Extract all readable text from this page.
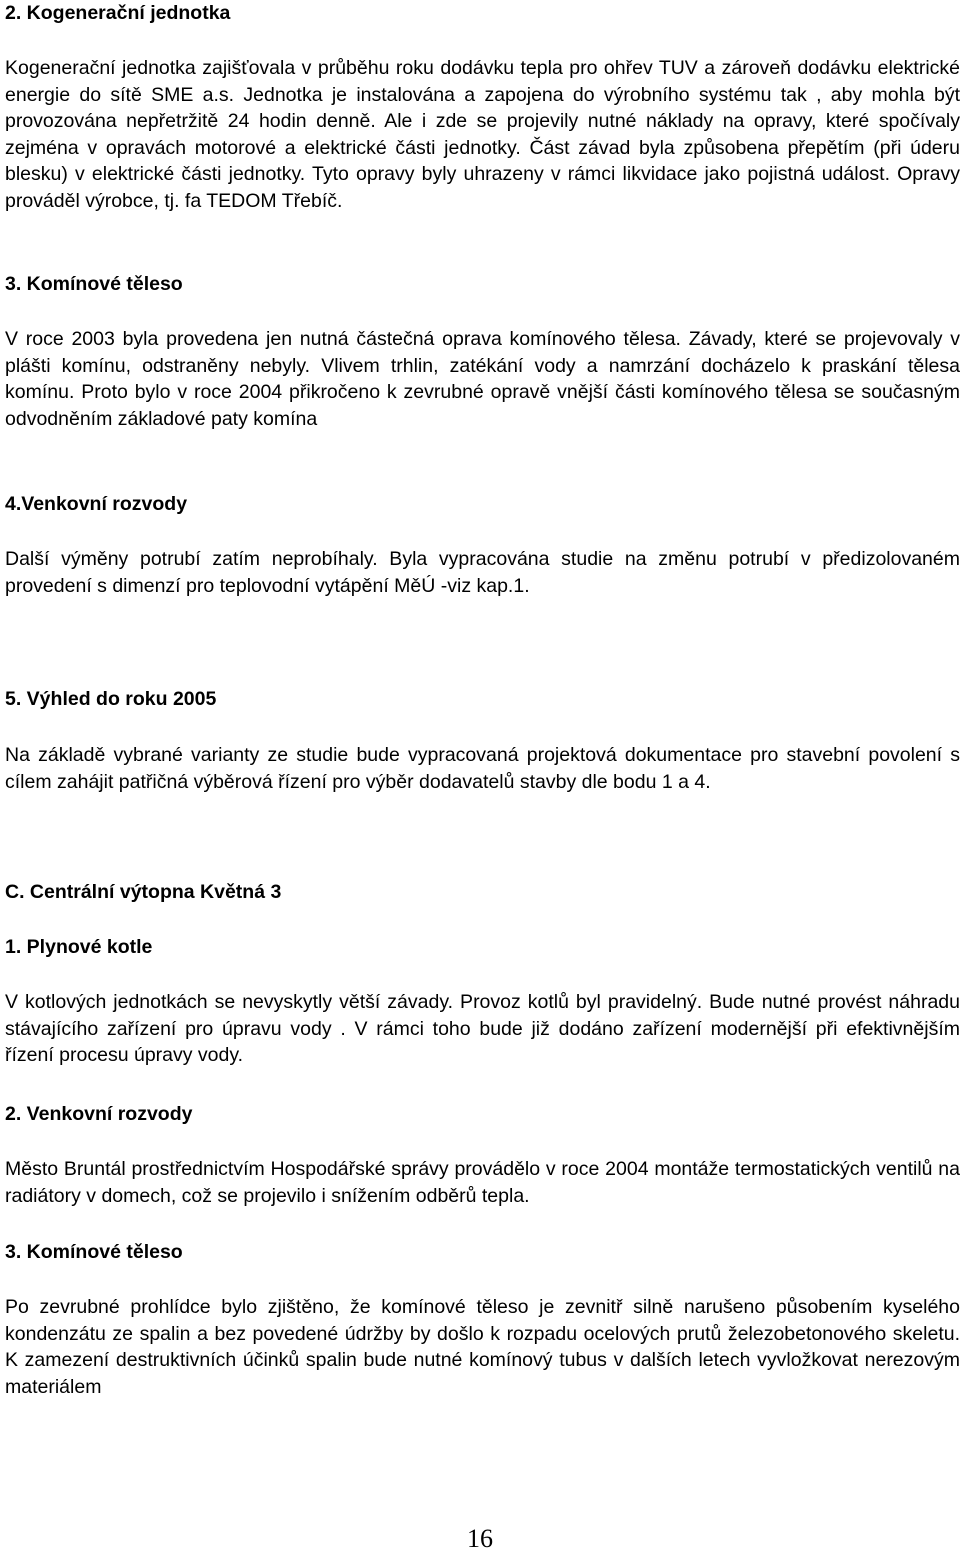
2. Kogenerační jednotka

Kogenerační jednotka zajišťovala v průběhu roku dodávku tepla pro ohřev TUV a zároveň dodávku elektrické energie do sítě SME a.s. Jednotka je instalována a zapojena do výrobního systému tak , aby mohla být provozována nepřetržitě 24 hodin denně. Ale i zde se projevily nutné náklady na opravy, které spočívaly zejména v opravách motorové a elektrické části jednotky. Část závad byla způsobena přepětím (při úderu blesku) v elektrické části jednotky. Tyto opravy byly uhrazeny v rámci likvidace jako pojistná událost. Opravy prováděl výrobce, tj. fa TEDOM Třebíč.

3. Komínové těleso

V roce 2003 byla provedena jen nutná částečná oprava komínového tělesa. Závady, které se projevovaly v plášti komínu, odstraněny nebyly. Vlivem trhlin, zatékání vody a namrzání docházelo k praskání tělesa komínu. Proto bylo v roce 2004 přikročeno k zevrubné opravě vnější části komínového tělesa se současným odvodněním základové paty komína

4.Venkovní rozvody

Další výměny potrubí zatím neprobíhaly. Byla vypracována studie na změnu potrubí v předizolovaném provedení s dimenzí pro teplovodní vytápění MěÚ -viz kap.1.

5. Výhled do roku 2005

Na základě vybrané varianty ze studie bude vypracovaná projektová dokumentace pro stavební povolení s cílem zahájit patřičná výběrová řízení pro výběr dodavatelů stavby dle bodu 1 a 4.

C. Centrální výtopna Květná 3

1. Plynové kotle

V kotlových jednotkách se nevyskytly větší závady. Provoz kotlů byl pravidelný. Bude nutné provést náhradu stávajícího zařízení pro úpravu vody . V rámci toho bude již dodáno zařízení modernější při efektivnějším řízení procesu úpravy vody.

2. Venkovní rozvody

Město Bruntál prostřednictvím Hospodářské správy provádělo v roce 2004 montáže termostatických ventilů na radiátory v domech, což se projevilo i snížením odběrů tepla.

3. Komínové těleso

Po zevrubné prohlídce bylo zjištěno, že komínové těleso je zevnitř silně narušeno působením kyselého kondenzátu ze spalin a bez povedené údržby by došlo k rozpadu ocelových prutů železobetonového skeletu. K zamezení destruktivních účinků spalin bude nutné komínový tubus v dalších letech vyvložkovat nerezovým materiálem

16
